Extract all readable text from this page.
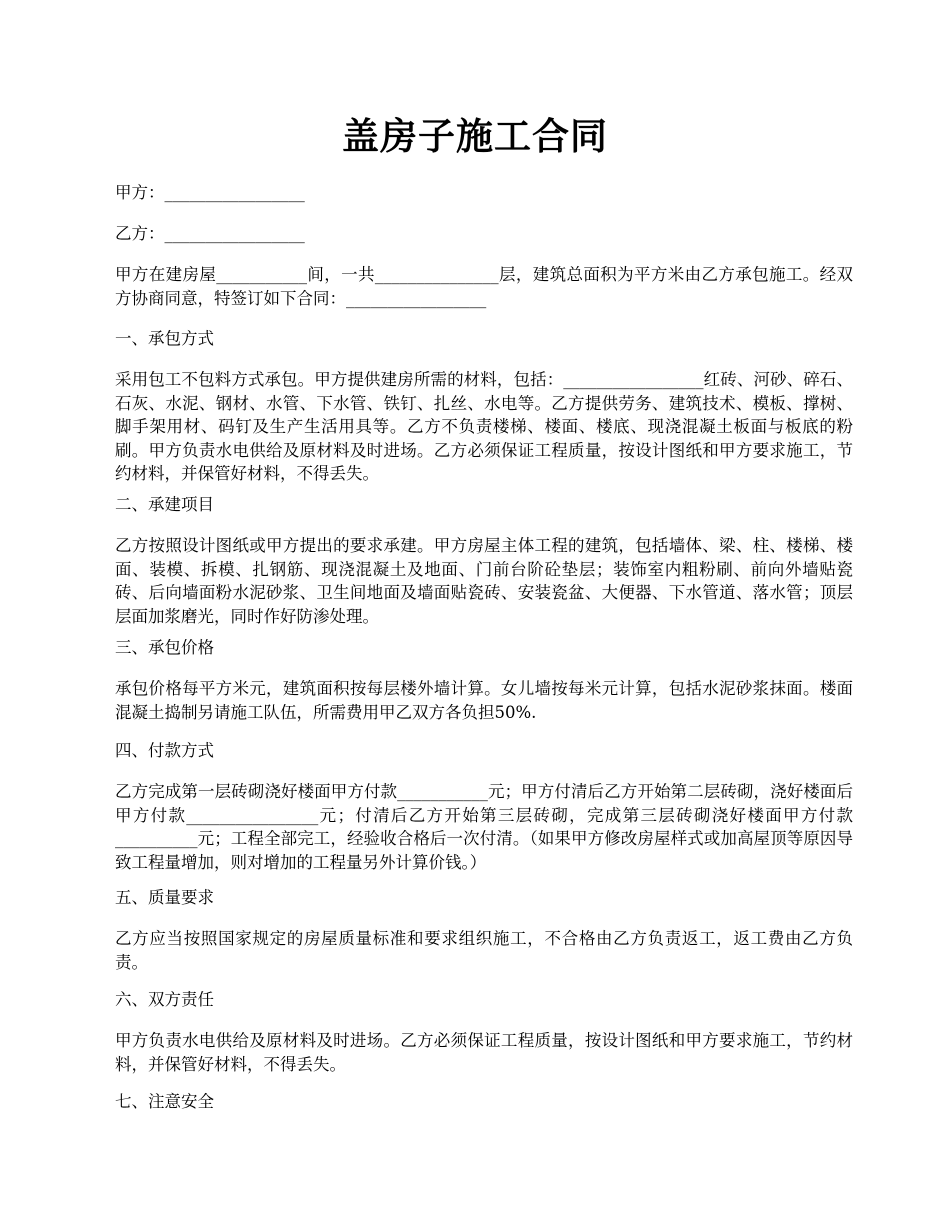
盖房子施工合同

甲方：_________________

乙方：_________________

甲方在建房屋___________间，一共_______________层，建筑总面积为平方米由乙方承包施工。经双方协商同意，特签订如下合同：_________________

一、承包方式

采用包工不包料方式承包。甲方提供建房所需的材料，包括：_________________红砖、河砂、碎石、石灰、水泥、钢材、水管、下水管、铁钉、扎丝、水电等。乙方提供劳务、建筑技术、模板、撑树、脚手架用材、码钉及生产生活用具等。乙方不负责楼梯、楼面、楼底、现浇混凝土板面与板底的粉刷。甲方负责水电供给及原材料及时进场。乙方必须保证工程质量，按设计图纸和甲方要求施工，节约材料，并保管好材料，不得丢失。

二、承建项目

乙方按照设计图纸或甲方提出的要求承建。甲方房屋主体工程的建筑，包括墙体、梁、柱、楼梯、楼面、装模、拆模、扎钢筋、现浇混凝土及地面、门前台阶砼垫层；装饰室内粗粉刷、前向外墙贴瓷砖、后向墙面粉水泥砂浆、卫生间地面及墙面贴瓷砖、安装瓷盆、大便器、下水管道、落水管；顶层层面加浆磨光，同时作好防渗处理。

三、承包价格

承包价格每平方米元，建筑面积按每层楼外墙计算。女儿墙按每米元计算，包括水泥砂浆抹面。楼面混凝土捣制另请施工队伍，所需费用甲乙双方各负担50%.

四、付款方式

乙方完成第一层砖砌浇好楼面甲方付款___________元；甲方付清后乙方开始第二层砖砌，浇好楼面后甲方付款________________元；付清后乙方开始第三层砖砌，完成第三层砖砌浇好楼面甲方付款__________元；工程全部完工，经验收合格后一次付清。（如果甲方修改房屋样式或加高屋顶等原因导致工程量增加，则对增加的工程量另外计算价钱。）

五、质量要求

乙方应当按照国家规定的房屋质量标准和要求组织施工，不合格由乙方负责返工，返工费由乙方负责。

六、双方责任

甲方负责水电供给及原材料及时进场。乙方必须保证工程质量，按设计图纸和甲方要求施工，节约材料，并保管好材料，不得丢失。

七、注意安全
